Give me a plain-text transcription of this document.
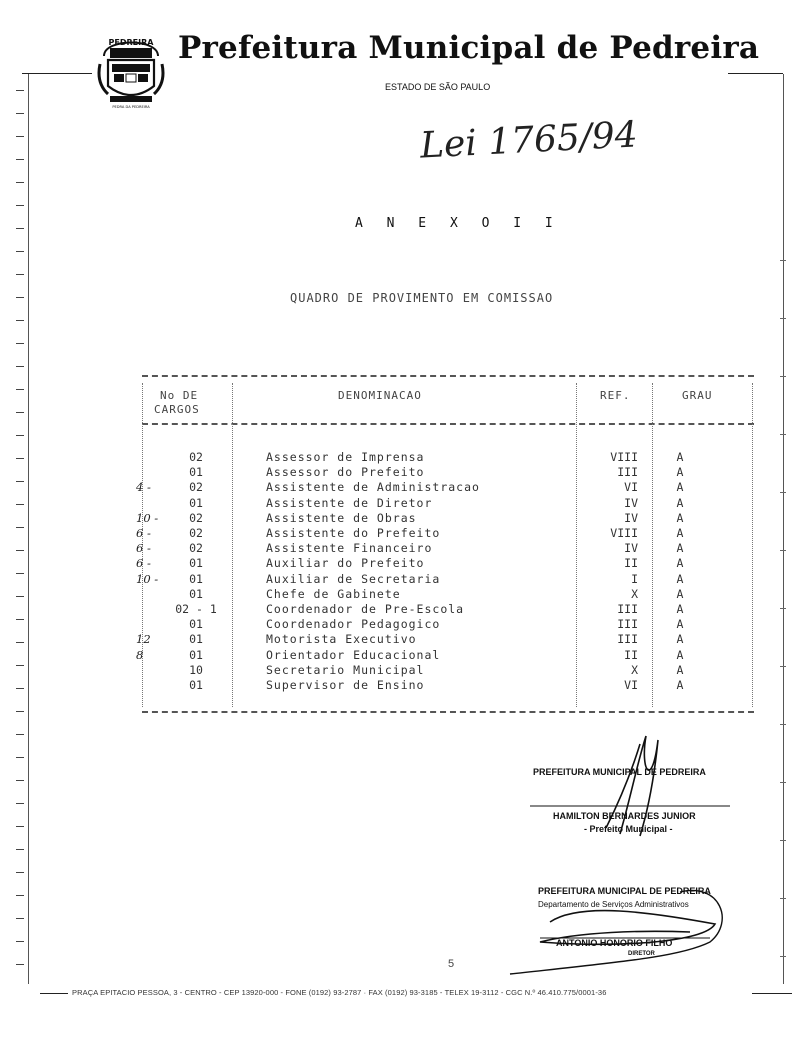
PEDREIRA
PEDRA DA PEDREIRA
Prefeitura Municipal de Pedreira
ESTADO DE SÃO PAULO
Lei 1765/94
A N E X O I I
QUADRO DE PROVIMENTO EM COMISSAO
No DE
CARGOS
DENOMINACAO	REF.	GRAU
02	Assessor de Imprensa	VIII	A
01	Assessor do Prefeito	III	A
4 -	02	Assistente de Administracao	VI	A
01	Assistente de Diretor	IV	A
10 -	02	Assistente de Obras	IV	A
6 -	02	Assistente do Prefeito	VIII	A
6 -	02	Assistente Financeiro	IV	A
6 -	01	Auxiliar do Prefeito	II	A
10 -	01	Auxiliar de Secretaria	I	A
01	Chefe de Gabinete	X	A
02 - 1	Coordenador de Pre-Escola	III	A
01	Coordenador Pedagogico	III	A
12	01	Motorista Executivo	III	A
8	01	Orientador Educacional	II	A
10	Secretario Municipal	X	A
01	Supervisor de Ensino	VI	A
PREFEITURA MUNICIPAL DE PEDREIRA
HAMILTON BERNARDES JUNIOR
- Prefeito Municipal -
PREFEITURA MUNICIPAL DE PEDREIRA
Departamento de Serviços Administrativos
ANTONIO HONORIO FILHO
DIRETOR
5
PRAÇA EPITACIO PESSOA, 3 - CENTRO - CEP 13920-000 - FONE (0192) 93-2787 · FAX (0192) 93-3185 - TELEX 19-3112 - CGC N.º 46.410.775/0001-36
